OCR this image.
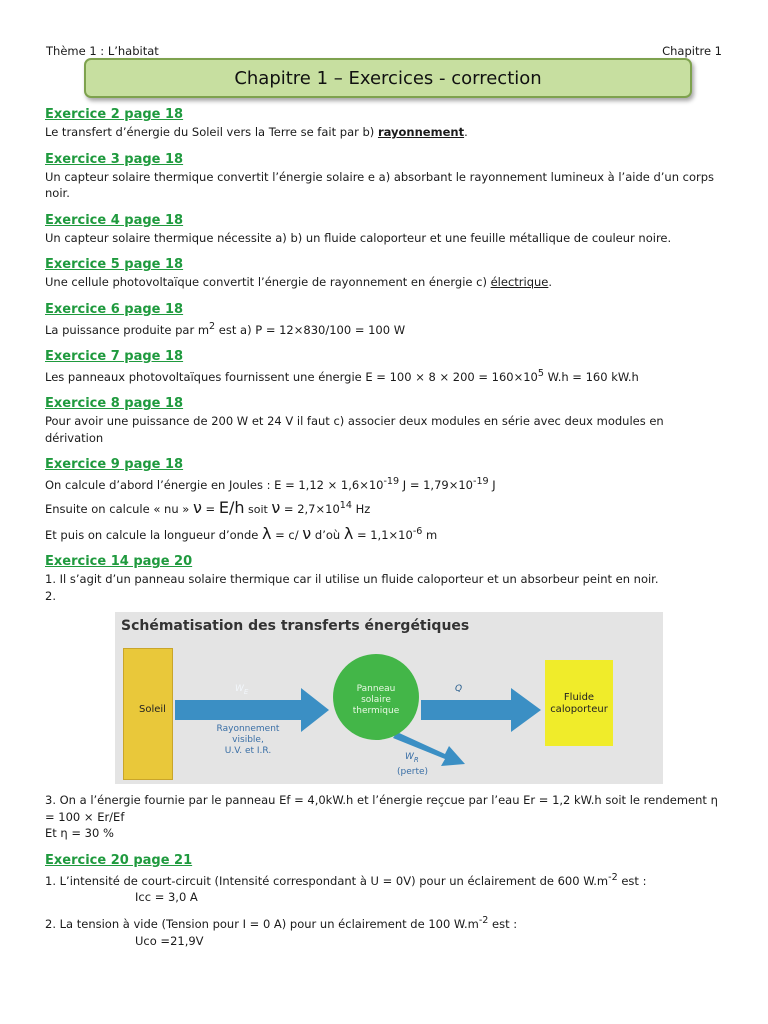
Thème 1 : L’habitat	Chapitre 1
Chapitre 1 – Exercices - correction

Exercice 2 page 18

Le transfert d’énergie du Soleil vers la Terre se fait par b) rayonnement.

Exercice 3 page 18

Un capteur solaire thermique convertit l’énergie solaire e a) absorbant le rayonnement lumineux à l’aide d’un corps noir.

Exercice 4 page 18

Un capteur solaire thermique nécessite a) b) un fluide caloporteur et une feuille métallique de couleur noire.

Exercice 5 page 18

Une cellule photovoltaïque convertit l’énergie de rayonnement en énergie c) électrique.

Exercice 6 page 18

La puissance produite par $m^2$ est a) P = 12×830/100 = 100 W

Exercice 7 page 18

Les panneaux photovoltaïques fournissent une énergie $E = 100 \times 8 \times 200 = 160\times 10^5$ W.h = 160 kW.h

Exercice 8 page 18

Pour avoir une puissance de 200 W et 24 V il faut c) associer deux modules en série avec deux modules en dérivation

Exercice 9 page 18

On calcule d’abord l’énergie en Joules : $E = 1,12 \times 1,6\times 10^{-19}$ $J = 1,79\times 10^{-19}$ J

Ensuite on calcule « nu » ν = E/h soit $\nu = 2,7\times 10^{14}$ Hz

Et puis on calcule la longueur d’onde λ = c/ ν d’où $\lambda = 1,1\times 10^{-6}$ m

Exercice 14 page 20

1. Il s’agit d’un panneau solaire thermique car il utilise un fluide caloporteur et un absorbeur peint en noir.

2.

Schématisation des transferts énergétiques
Soleil
Panneau
solaire
thermique
Fluide
caloporteur
$W_E$
Rayonnement
visible,
U.V. et I.R.
Q
$W_R$
(perte)

3. On a l’énergie fournie par le panneau Ef = 4,0kW.h et l’énergie reçcue par l’eau Er = 1,2 kW.h soit le rendement η = 100 × Er/Ef

Et η = 30 %

Exercice 20 page 21

1. L’intensité de court-circuit (Intensité correspondant à U = 0V) pour un éclairement de 600 $W.m^{-2}$ est :

Icc = 3,0 A

2. La tension à vide (Tension pour I = 0 A) pour un éclairement de 100 $W.m^{-2}$ est :

Uco =21,9V
